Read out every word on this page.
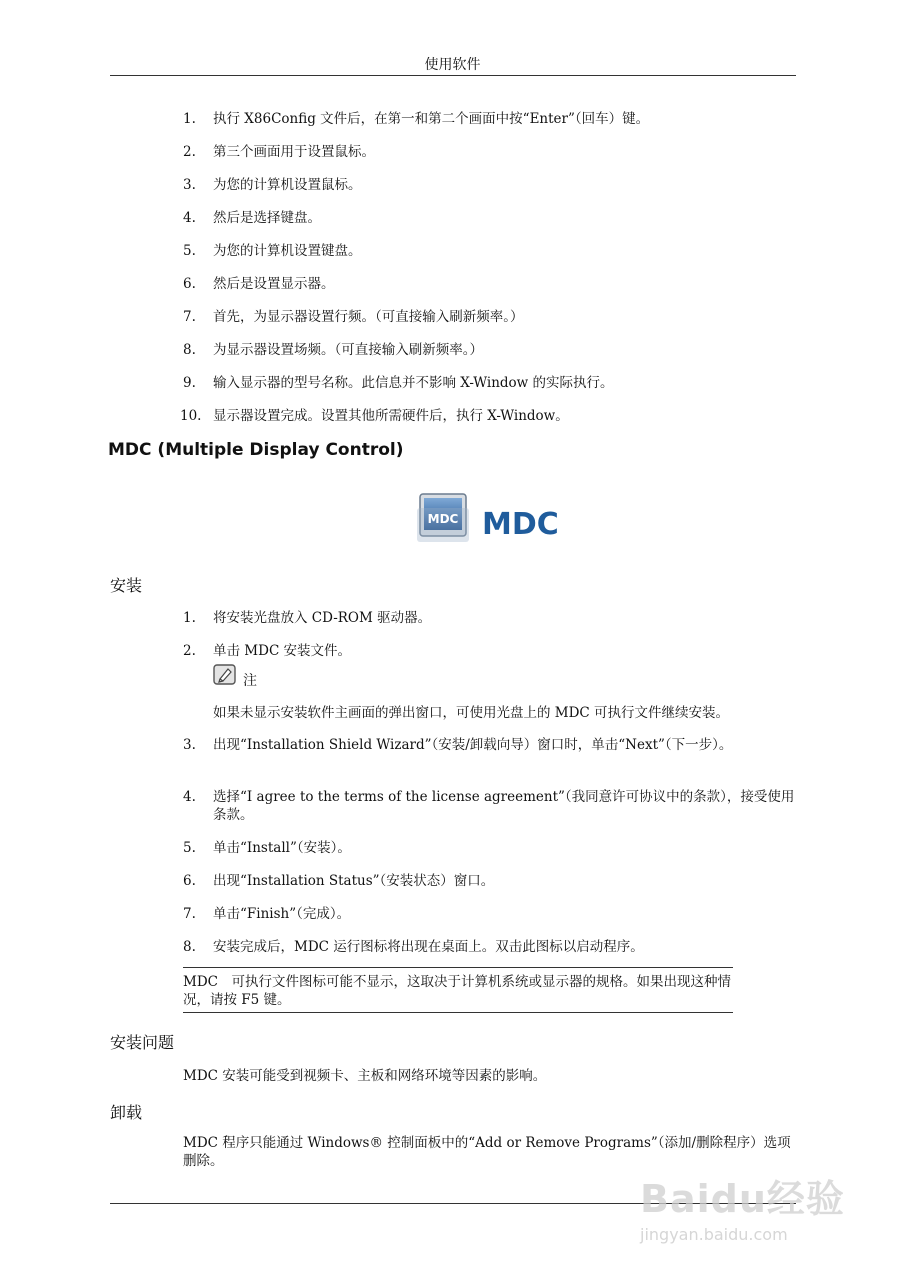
使用软件
1. 执行 X86Config 文件后，在第一和第二个画面中按“Enter”（回车）键。
2. 第三个画面用于设置鼠标。
3. 为您的计算机设置鼠标。
4. 然后是选择键盘。
5. 为您的计算机设置键盘。
6. 然后是设置显示器。
7. 首先，为显示器设置行频。（可直接输入刷新频率。）
8. 为显示器设置场频。（可直接输入刷新频率。）
9. 输入显示器的型号名称。此信息并不影响 X-Window 的实际执行。
10. 显示器设置完成。设置其他所需硬件后，执行 X-Window。
MDC (Multiple Display Control)
MDC MDC
安装
1. 将安装光盘放入 CD-ROM 驱动器。
2. 单击 MDC 安装文件。
注
如果未显示安装软件主画面的弹出窗口，可使用光盘上的 MDC 可执行文件继续安装。
3. 出现“Installation Shield Wizard”（安装/卸载向导）窗口时，单击“Next”（下一步）。
4. 选择“I agree to the terms of the license agreement”（我同意许可协议中的条款），接受使用条款。
5. 单击“Install”（安装）。
6. 出现“Installation Status”（安装状态）窗口。
7. 单击“Finish”（完成）。
8. 安装完成后，MDC 运行图标将出现在桌面上。双击此图标以启动程序。
MDC　可执行文件图标可能不显示，这取决于计算机系统或显示器的规格。如果出现这种情况，请按 F5 键。
安装问题
MDC 安装可能受到视频卡、主板和网络环境等因素的影响。
卸载
MDC 程序只能通过 Windows® 控制面板中的“Add or Remove Programs”（添加/删除程序）选项删除。
Baidu经验
jingyan.baidu.com
